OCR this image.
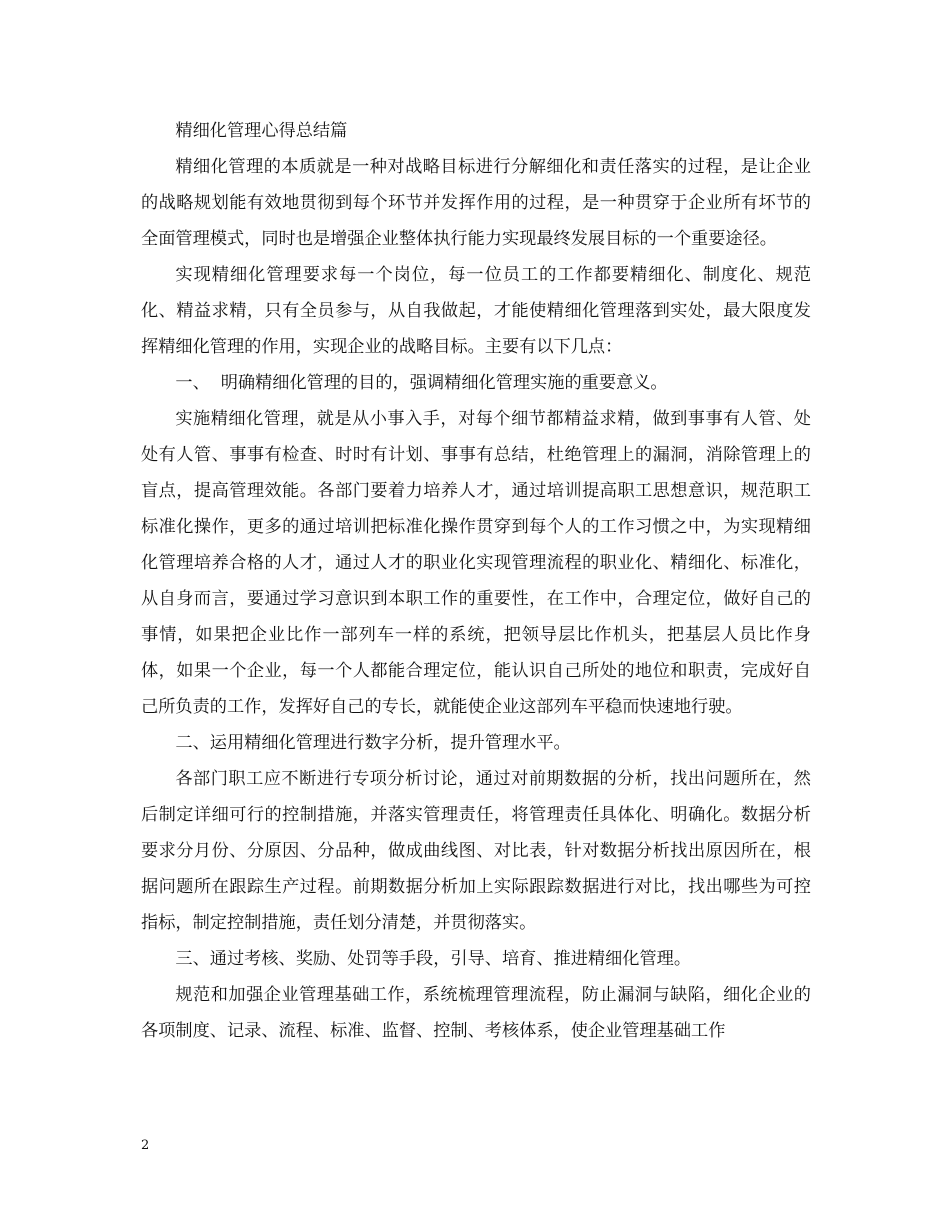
精细化管理心得总结篇

精细化管理的本质就是一种对战略目标进行分解细化和责任落实的过程，是让企业的战略规划能有效地贯彻到每个环节并发挥作用的过程，是一种贯穿于企业所有坏节的全面管理模式，同时也是增强企业整体执行能力实现最终发展目标的一个重要途径。

实现精细化管理要求每一个岗位，每一位员工的工作都要精细化、制度化、规范化、精益求精，只有全员参与，从自我做起，才能使精细化管理落到实处，最大限度发挥精细化管理的作用，实现企业的战略目标。主要有以下几点：

一、  明确精细化管理的目的，强调精细化管理实施的重要意义。

实施精细化管理，就是从小事入手，对每个细节都精益求精，做到事事有人管、处处有人管、事事有检查、时时有计划、事事有总结，杜绝管理上的漏洞，消除管理上的盲点，提高管理效能。各部门要着力培养人才，通过培训提高职工思想意识，规范职工标准化操作，更多的通过培训把标准化操作贯穿到每个人的工作习惯之中，为实现精细化管理培养合格的人才，通过人才的职业化实现管理流程的职业化、精细化、标准化，从自身而言，要通过学习意识到本职工作的重要性，在工作中，合理定位，做好自己的事情，如果把企业比作一部列车一样的系统，把领导层比作机头，把基层人员比作身体，如果一个企业，每一个人都能合理定位，能认识自己所处的地位和职责，完成好自己所负责的工作，发挥好自己的专长，就能使企业这部列车平稳而快速地行驶。

二、运用精细化管理进行数字分析，提升管理水平。

各部门职工应不断进行专项分析讨论，通过对前期数据的分析，找出问题所在，然后制定详细可行的控制措施，并落实管理责任，将管理责任具体化、明确化。数据分析要求分月份、分原因、分品种，做成曲线图、对比表，针对数据分析找出原因所在，根据问题所在跟踪生产过程。前期数据分析加上实际跟踪数据进行对比，找出哪些为可控指标，制定控制措施，责任划分清楚，并贯彻落实。

三、通过考核、奖励、处罚等手段，引导、培育、推进精细化管理。

规范和加强企业管理基础工作，系统梳理管理流程，防止漏洞与缺陷，细化企业的各项制度、记录、流程、标准、监督、控制、考核体系，使企业管理基础工作

2
